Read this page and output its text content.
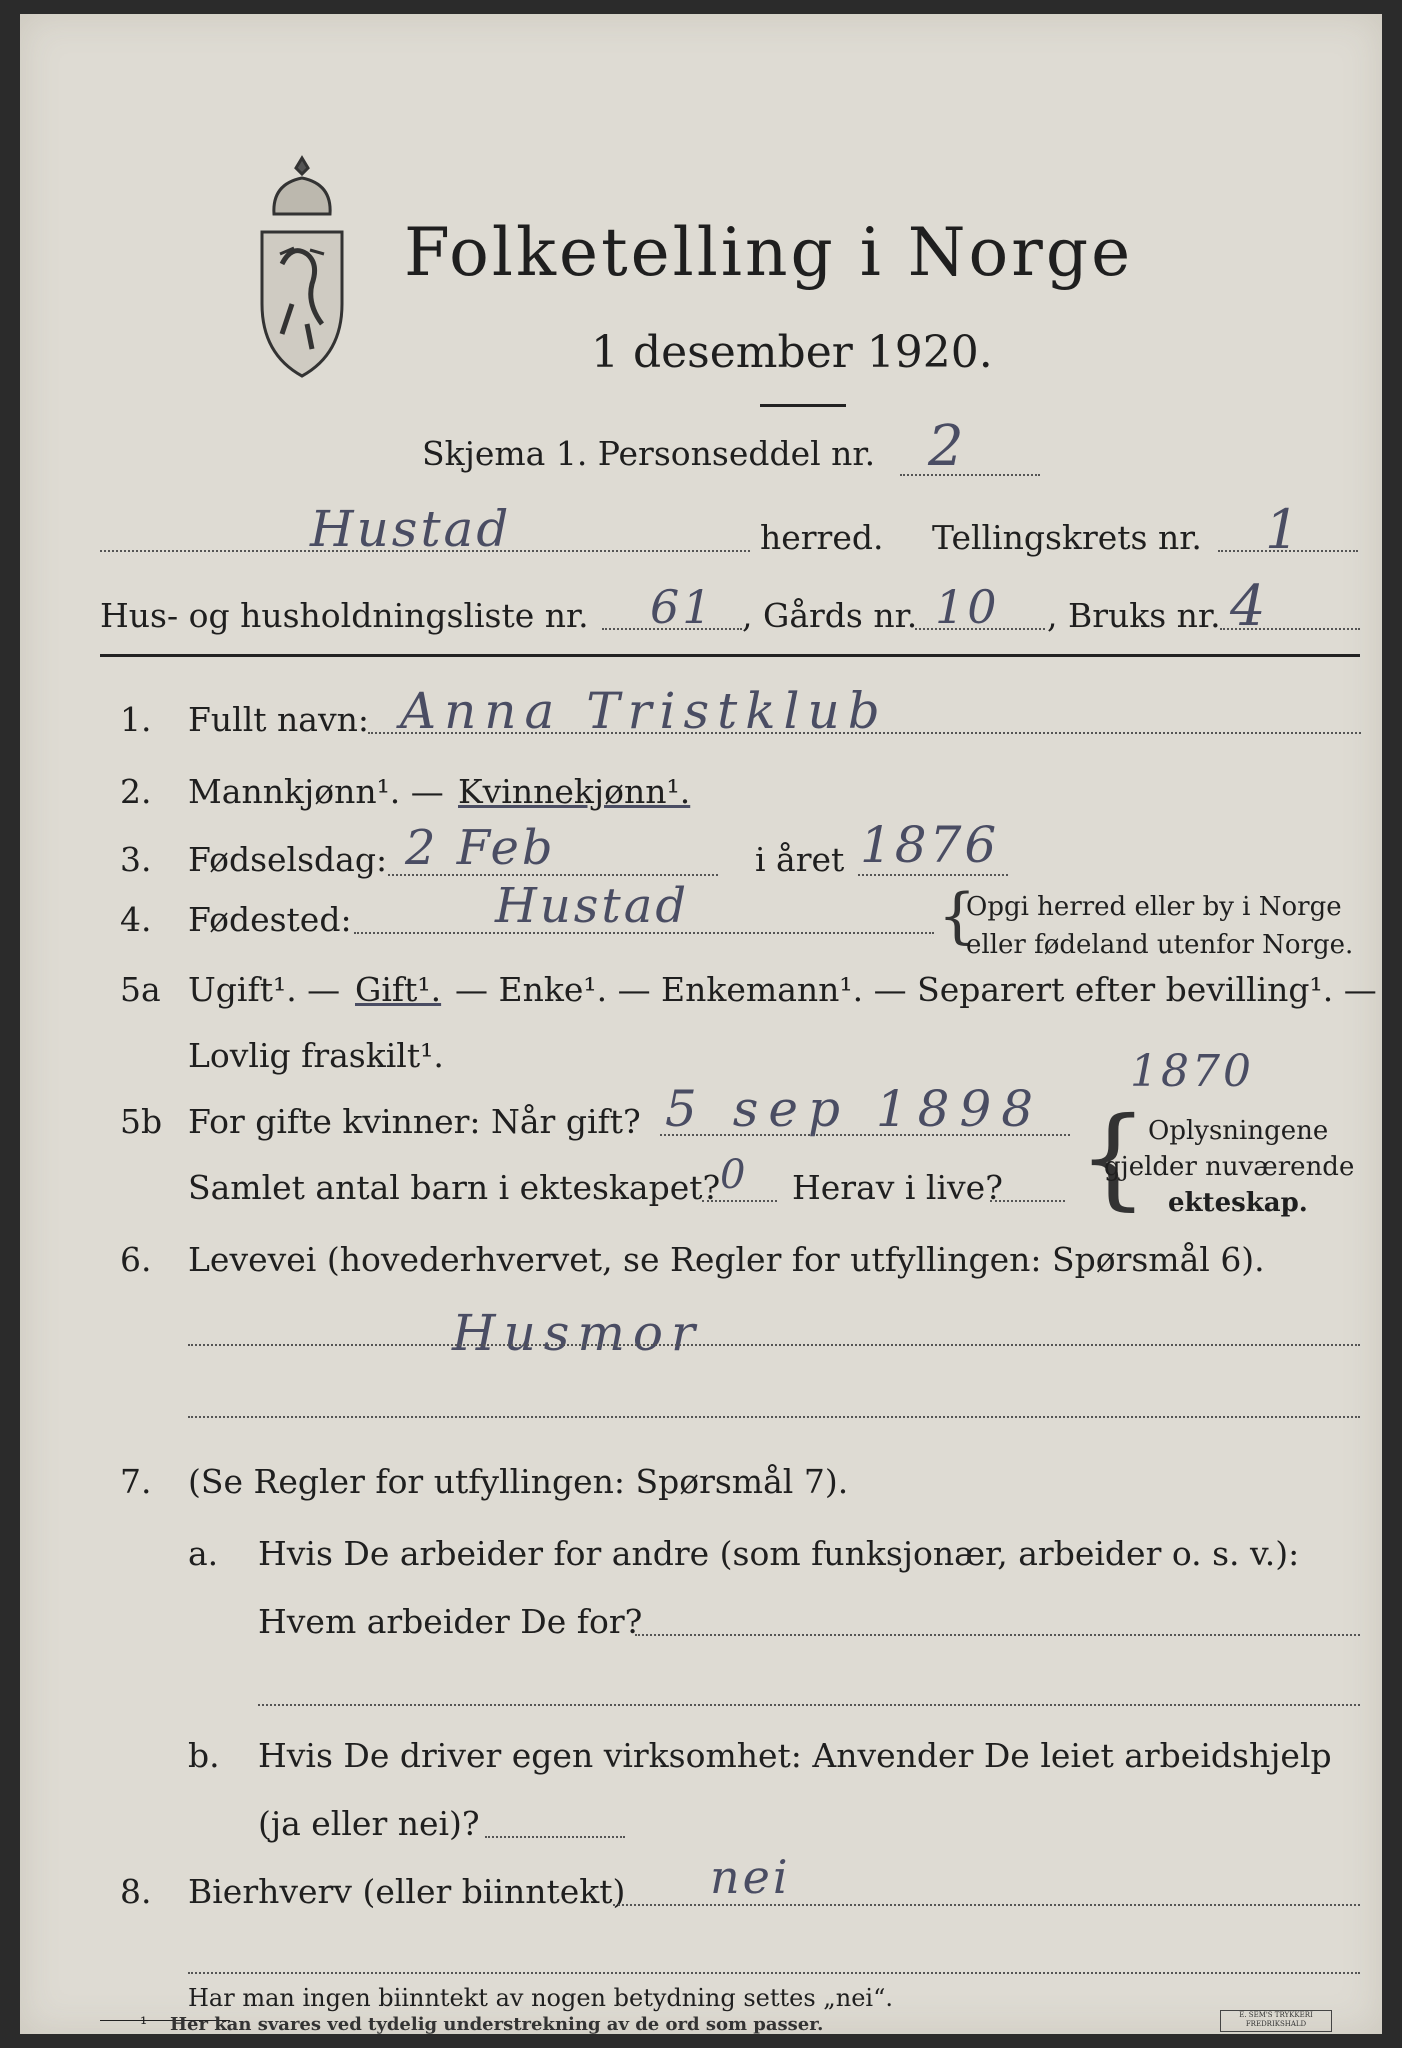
Folketelling i Norge
1 desember 1920.
Skjema 1. Personseddel nr. 2
Hustad	herred. Tellingskrets nr. 1
Hus- og husholdningsliste nr. 61 , Gårds nr. 10 , Bruks nr. 4
1. Fullt navn: Anna Tristklub
2. Mannkjønn¹. — Kvinnekjønn¹.
3. Fødselsdag: 2 Feb	i året 1876
4. Fødested:	Hustad	{
Opgi herred eller by i Norge
eller fødeland utenfor Norge.
5a Ugift¹. — Gift¹. — Enke¹. — Enkemann¹. — Separert efter bevilling¹. —
Lovlig fraskilt¹.
5b For gifte kvinner: Når gift? 5 sep 1898
1870
Samlet antal barn i ekteskapet? 0 Herav i live? { Oplysningene
gjelder nuværende
ekteskap.
6. Levevei (hovederhvervet, se Regler for utfyllingen: Spørsmål 6).
Husmor
7. (Se Regler for utfyllingen: Spørsmål 7).
a. Hvis De arbeider for andre (som funksjonær, arbeider o. s. v.):
Hvem arbeider De for?
b. Hvis De driver egen virksomhet: Anvender De leiet arbeidshjelp
(ja eller nei)?
8. Bierhverv (eller biinntekt) nei
Har man ingen biinntekt av nogen betydning settes „nei“.
¹ Her kan svares ved tydelig understrekning av de ord som passer.	E. SEM'S TRYKKERI FREDRIKSHALD
